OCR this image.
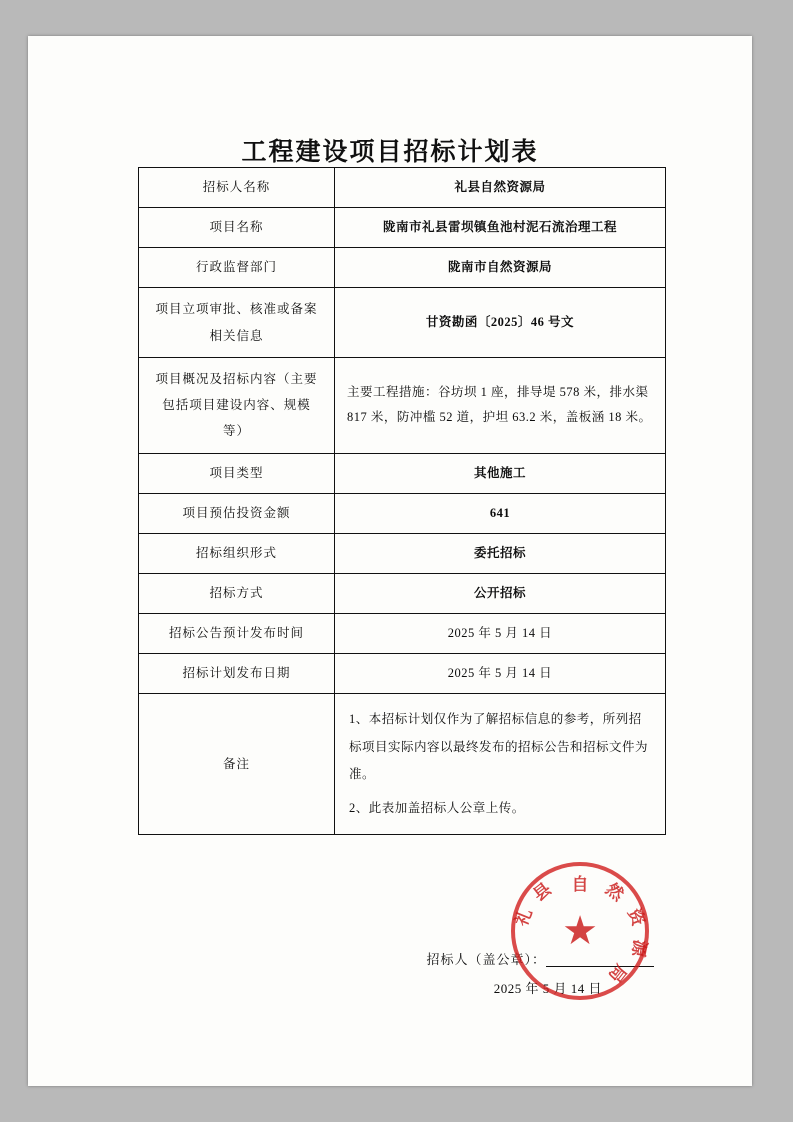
工程建设项目招标计划表
招标人名称	礼县自然资源局
项目名称	陇南市礼县雷坝镇鱼池村泥石流治理工程
行政监督部门	陇南市自然资源局
项目立项审批、核准或备案相关信息	甘资勘函〔2025〕46 号文
项目概况及招标内容（主要包括项目建设内容、规模等）	主要工程措施：谷坊坝 1 座，排导堤 578 米，排水渠 817 米，防冲槛 52 道，护坦 63.2 米，盖板涵 18 米。
项目类型	其他施工
项目预估投资金额	641
招标组织形式	委托招标
招标方式	公开招标
招标公告预计发布时间	2025 年 5 月 14 日
招标计划发布日期	2025 年 5 月 14 日
备注	1、本招标计划仅作为了解招标信息的参考，所列招标项目实际内容以最终发布的招标公告和招标文件为准。

2、此表加盖招标人公章上传。

招标人（盖公章）：
2025 年 5 月 14 日
自 然
资
源
局
县
礼 ★
